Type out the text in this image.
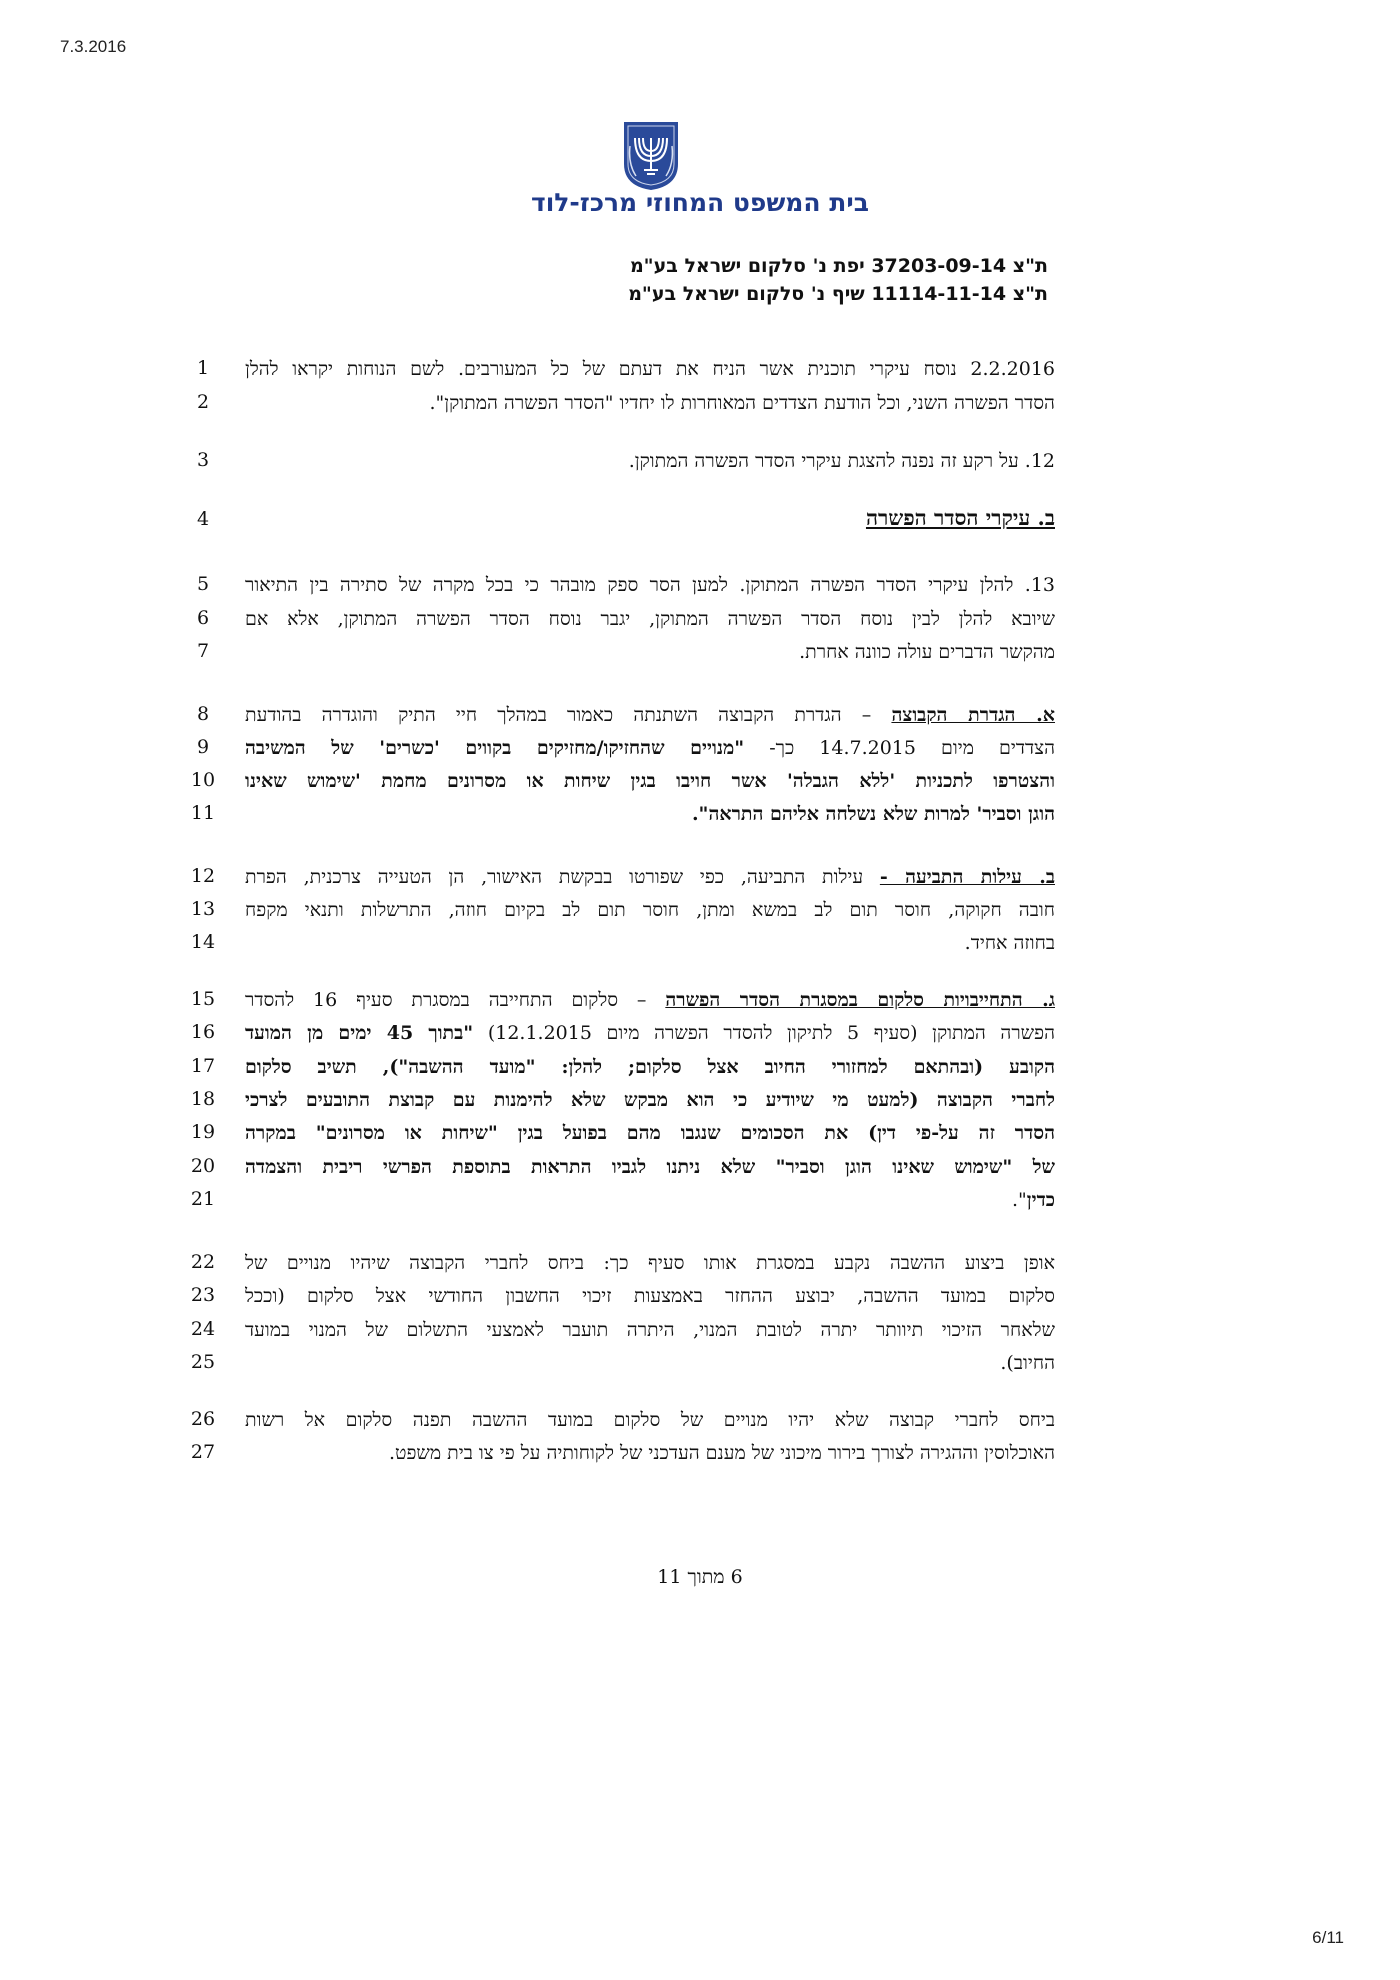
7.3.2016
בית המשפט המחוזי מרכז-לוד
ת"צ 37203-09-14 יפת נ' סלקום ישראל בע"מ
ת"צ 11114-11-14 שיף נ' סלקום ישראל בע"מ
1
2
3
4
5
6
7
8
9
10
11
12
13
14
15
16
17
18
19
20
21
22
23
24
25
26
27
2.2.2016 נוסח עיקרי תוכנית אשר הניח את דעתם של כל המעורבים. לשם הנוחות יקראו להלן
הסדר הפשרה השני, וכל הודעת הצדדים המאוחרות לו יחדיו "הסדר הפשרה המתוקן".
12. על רקע זה נפנה להצגת עיקרי הסדר הפשרה המתוקן.
ב. עיקרי הסדר הפשרה
13. להלן עיקרי הסדר הפשרה המתוקן. למען הסר ספק מובהר כי בכל מקרה של סתירה בין התיאור
שיובא להלן לבין נוסח הסדר הפשרה המתוקן, יגבר נוסח הסדר הפשרה המתוקן, אלא אם
מהקשר הדברים עולה כוונה אחרת.
א. הגדרת הקבוצה – הגדרת הקבוצה השתנתה כאמור במהלך חיי התיק והוגדרה בהודעת
הצדדים מיום 14.7.2015 כך- "מנויים שהחזיקו/מחזיקים בקווים 'כשרים' של המשיבה
והצטרפו לתכניות 'ללא הגבלה' אשר חויבו בגין שיחות או מסרונים מחמת 'שימוש שאינו
הוגן וסביר' למרות שלא נשלחה אליהם התראה".
ב. עילות התביעה - עילות התביעה, כפי שפורטו בבקשת האישור, הן הטעייה צרכנית, הפרת
חובה חקוקה, חוסר תום לב במשא ומתן, חוסר תום לב בקיום חוזה, התרשלות ותנאי מקפח
בחוזה אחיד.
ג. התחייבויות סלקום במסגרת הסדר הפשרה – סלקום התחייבה במסגרת סעיף 16 להסדר
הפשרה המתוקן (סעיף 5 לתיקון להסדר הפשרה מיום 12.1.2015) "בתוך 45 ימים מן המועד
הקובע (ובהתאם למחזורי החיוב אצל סלקום; להלן: "מועד ההשבה"), תשיב סלקום
לחברי הקבוצה (למעט מי שיודיע כי הוא מבקש שלא להימנות עם קבוצת התובעים לצרכי
הסדר זה על-פי דין) את הסכומים שנגבו מהם בפועל בגין "שיחות או מסרונים" במקרה
של "שימוש שאינו הוגן וסביר" שלא ניתנו לגביו התראות בתוספת הפרשי ריבית והצמדה
כדין".
אופן ביצוע ההשבה נקבע במסגרת אותו סעיף כך: ביחס לחברי הקבוצה שיהיו מנויים של
סלקום במועד ההשבה, יבוצע ההחזר באמצעות זיכוי החשבון החודשי אצל סלקום (וככל
שלאחר הזיכוי תיוותר יתרה לטובת המנוי, היתרה תועבר לאמצעי התשלום של המנוי במועד
החיוב).
ביחס לחברי קבוצה שלא יהיו מנויים של סלקום במועד ההשבה תפנה סלקום אל רשות
האוכלוסין וההגירה לצורך בירור מיכוני של מענם העדכני של לקוחותיה על פי צו בית משפט.
6 מתוך 11
6/11
